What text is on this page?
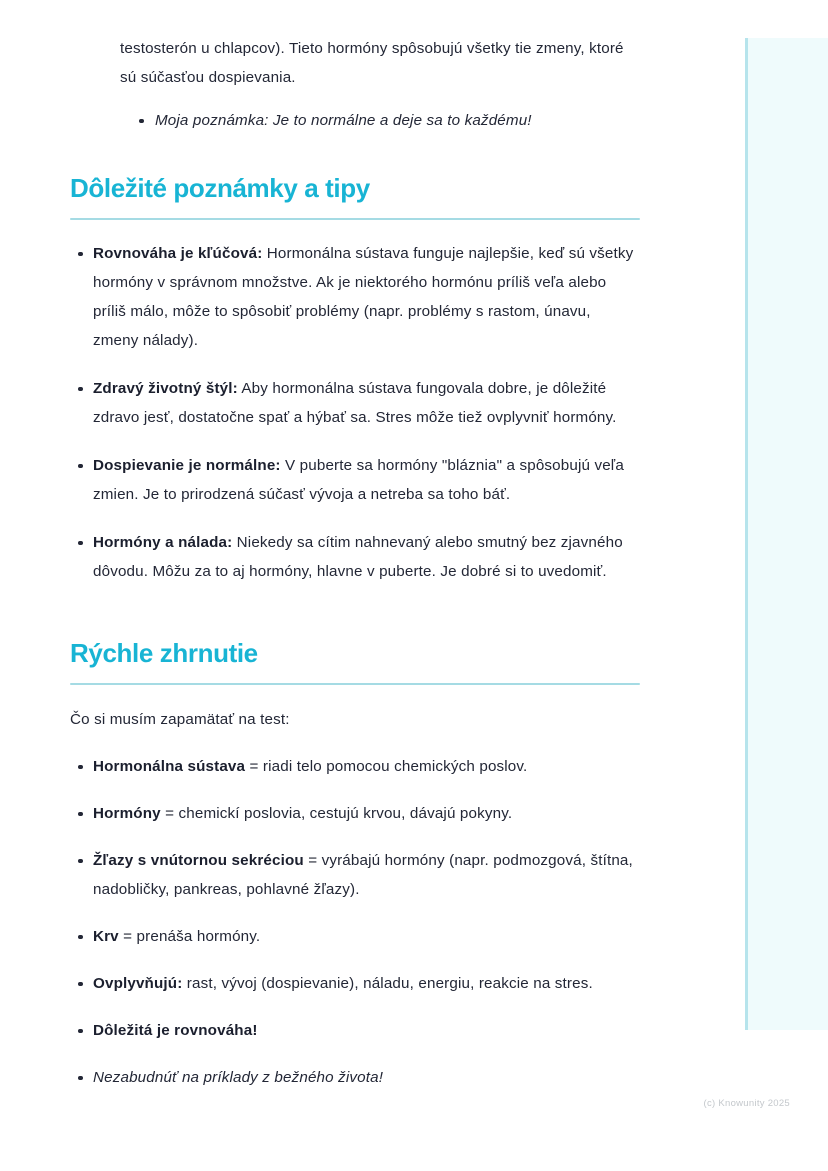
testosterón u chlapcov). Tieto hormóny spôsobujú všetky tie zmeny, ktoré sú súčasťou dospievania.

Moja poznámka: Je to normálne a deje sa to každému!
Dôležité poznámky a tipy
Rovnováha je kľúčová: Hormonálna sústava funguje najlepšie, keď sú všetky hormóny v správnom množstve. Ak je niektorého hormónu príliš veľa alebo príliš málo, môže to spôsobiť problémy (napr. problémy s rastom, únavu, zmeny nálady).
Zdravý životný štýl: Aby hormonálna sústava fungovala dobre, je dôležité zdravo jesť, dostatočne spať a hýbať sa. Stres môže tiež ovplyvniť hormóny.
Dospievanie je normálne: V puberte sa hormóny "bláznia" a spôsobujú veľa zmien. Je to prirodzená súčasť vývoja a netreba sa toho báť.
Hormóny a nálada: Niekedy sa cítim nahnevaný alebo smutný bez zjavného dôvodu. Môžu za to aj hormóny, hlavne v puberte. Je dobré si to uvedomiť.
Rýchle zhrnutie

Čo si musím zapamätať na test:

Hormonálna sústava = riadi telo pomocou chemických poslov.
Hormóny = chemickí poslovia, cestujú krvou, dávajú pokyny.
Žľazy s vnútornou sekréciou = vyrábajú hormóny (napr. podmozgová, štítna, nadobličky, pankreas, pohlavné žľazy).
Krv = prenáša hormóny.
Ovplyvňujú: rast, vývoj (dospievanie), náladu, energiu, reakcie na stres.
Dôležitá je rovnováha!
Nezabudnúť na príklady z bežného života!
(c) Knowunity 2025
